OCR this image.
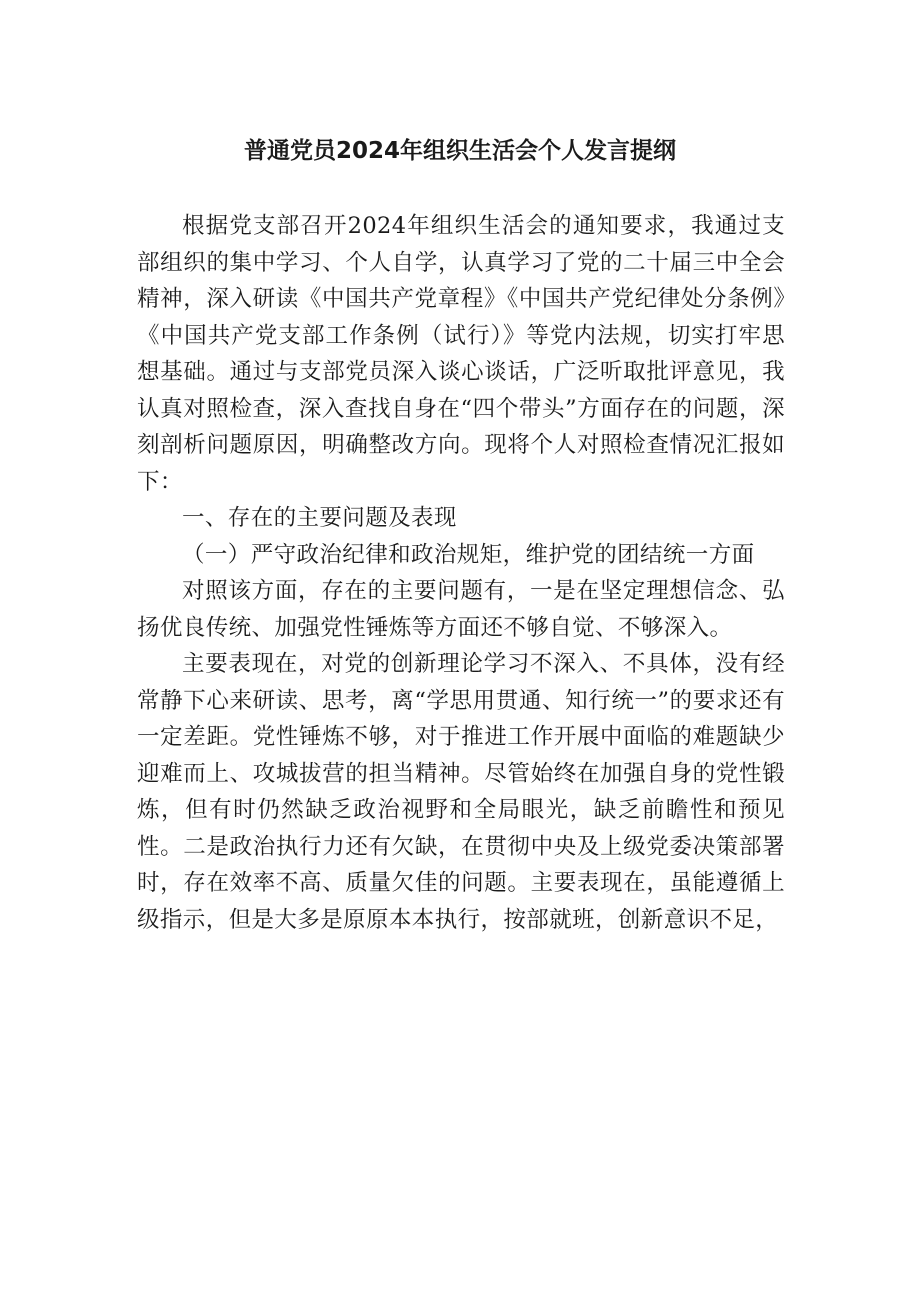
普通党员2024年组织生活会个人发言提纲

根据党支部召开2024年组织生活会的通知要求，我通过支部组织的集中学习、个人自学，认真学习了党的二十届三中全会精神，深入研读《中国共产党章程》《中国共产党纪律处分条例》《中国共产党支部工作条例（试行）》等党内法规，切实打牢思想基础。通过与支部党员深入谈心谈话，广泛听取批评意见，我认真对照检查，深入查找自身在“四个带头”方面存在的问题，深刻剖析问题原因，明确整改方向。现将个人对照检查情况汇报如下：

一、存在的主要问题及表现

（一）严守政治纪律和政治规矩，维护党的团结统一方面

对照该方面，存在的主要问题有，一是在坚定理想信念、弘扬优良传统、加强党性锤炼等方面还不够自觉、不够深入。

主要表现在，对党的创新理论学习不深入、不具体，没有经常静下心来研读、思考，离“学思用贯通、知行统一”的要求还有一定差距。党性锤炼不够，对于推进工作开展中面临的难题缺少迎难而上、攻城拔营的担当精神。尽管始终在加强自身的党性锻炼，但有时仍然缺乏政治视野和全局眼光，缺乏前瞻性和预见性。二是政治执行力还有欠缺，在贯彻中央及上级党委决策部署时，存在效率不高、质量欠佳的问题。主要表现在，虽能遵循上级指示，但是大多是原原本本执行，按部就班，创新意识不足，
